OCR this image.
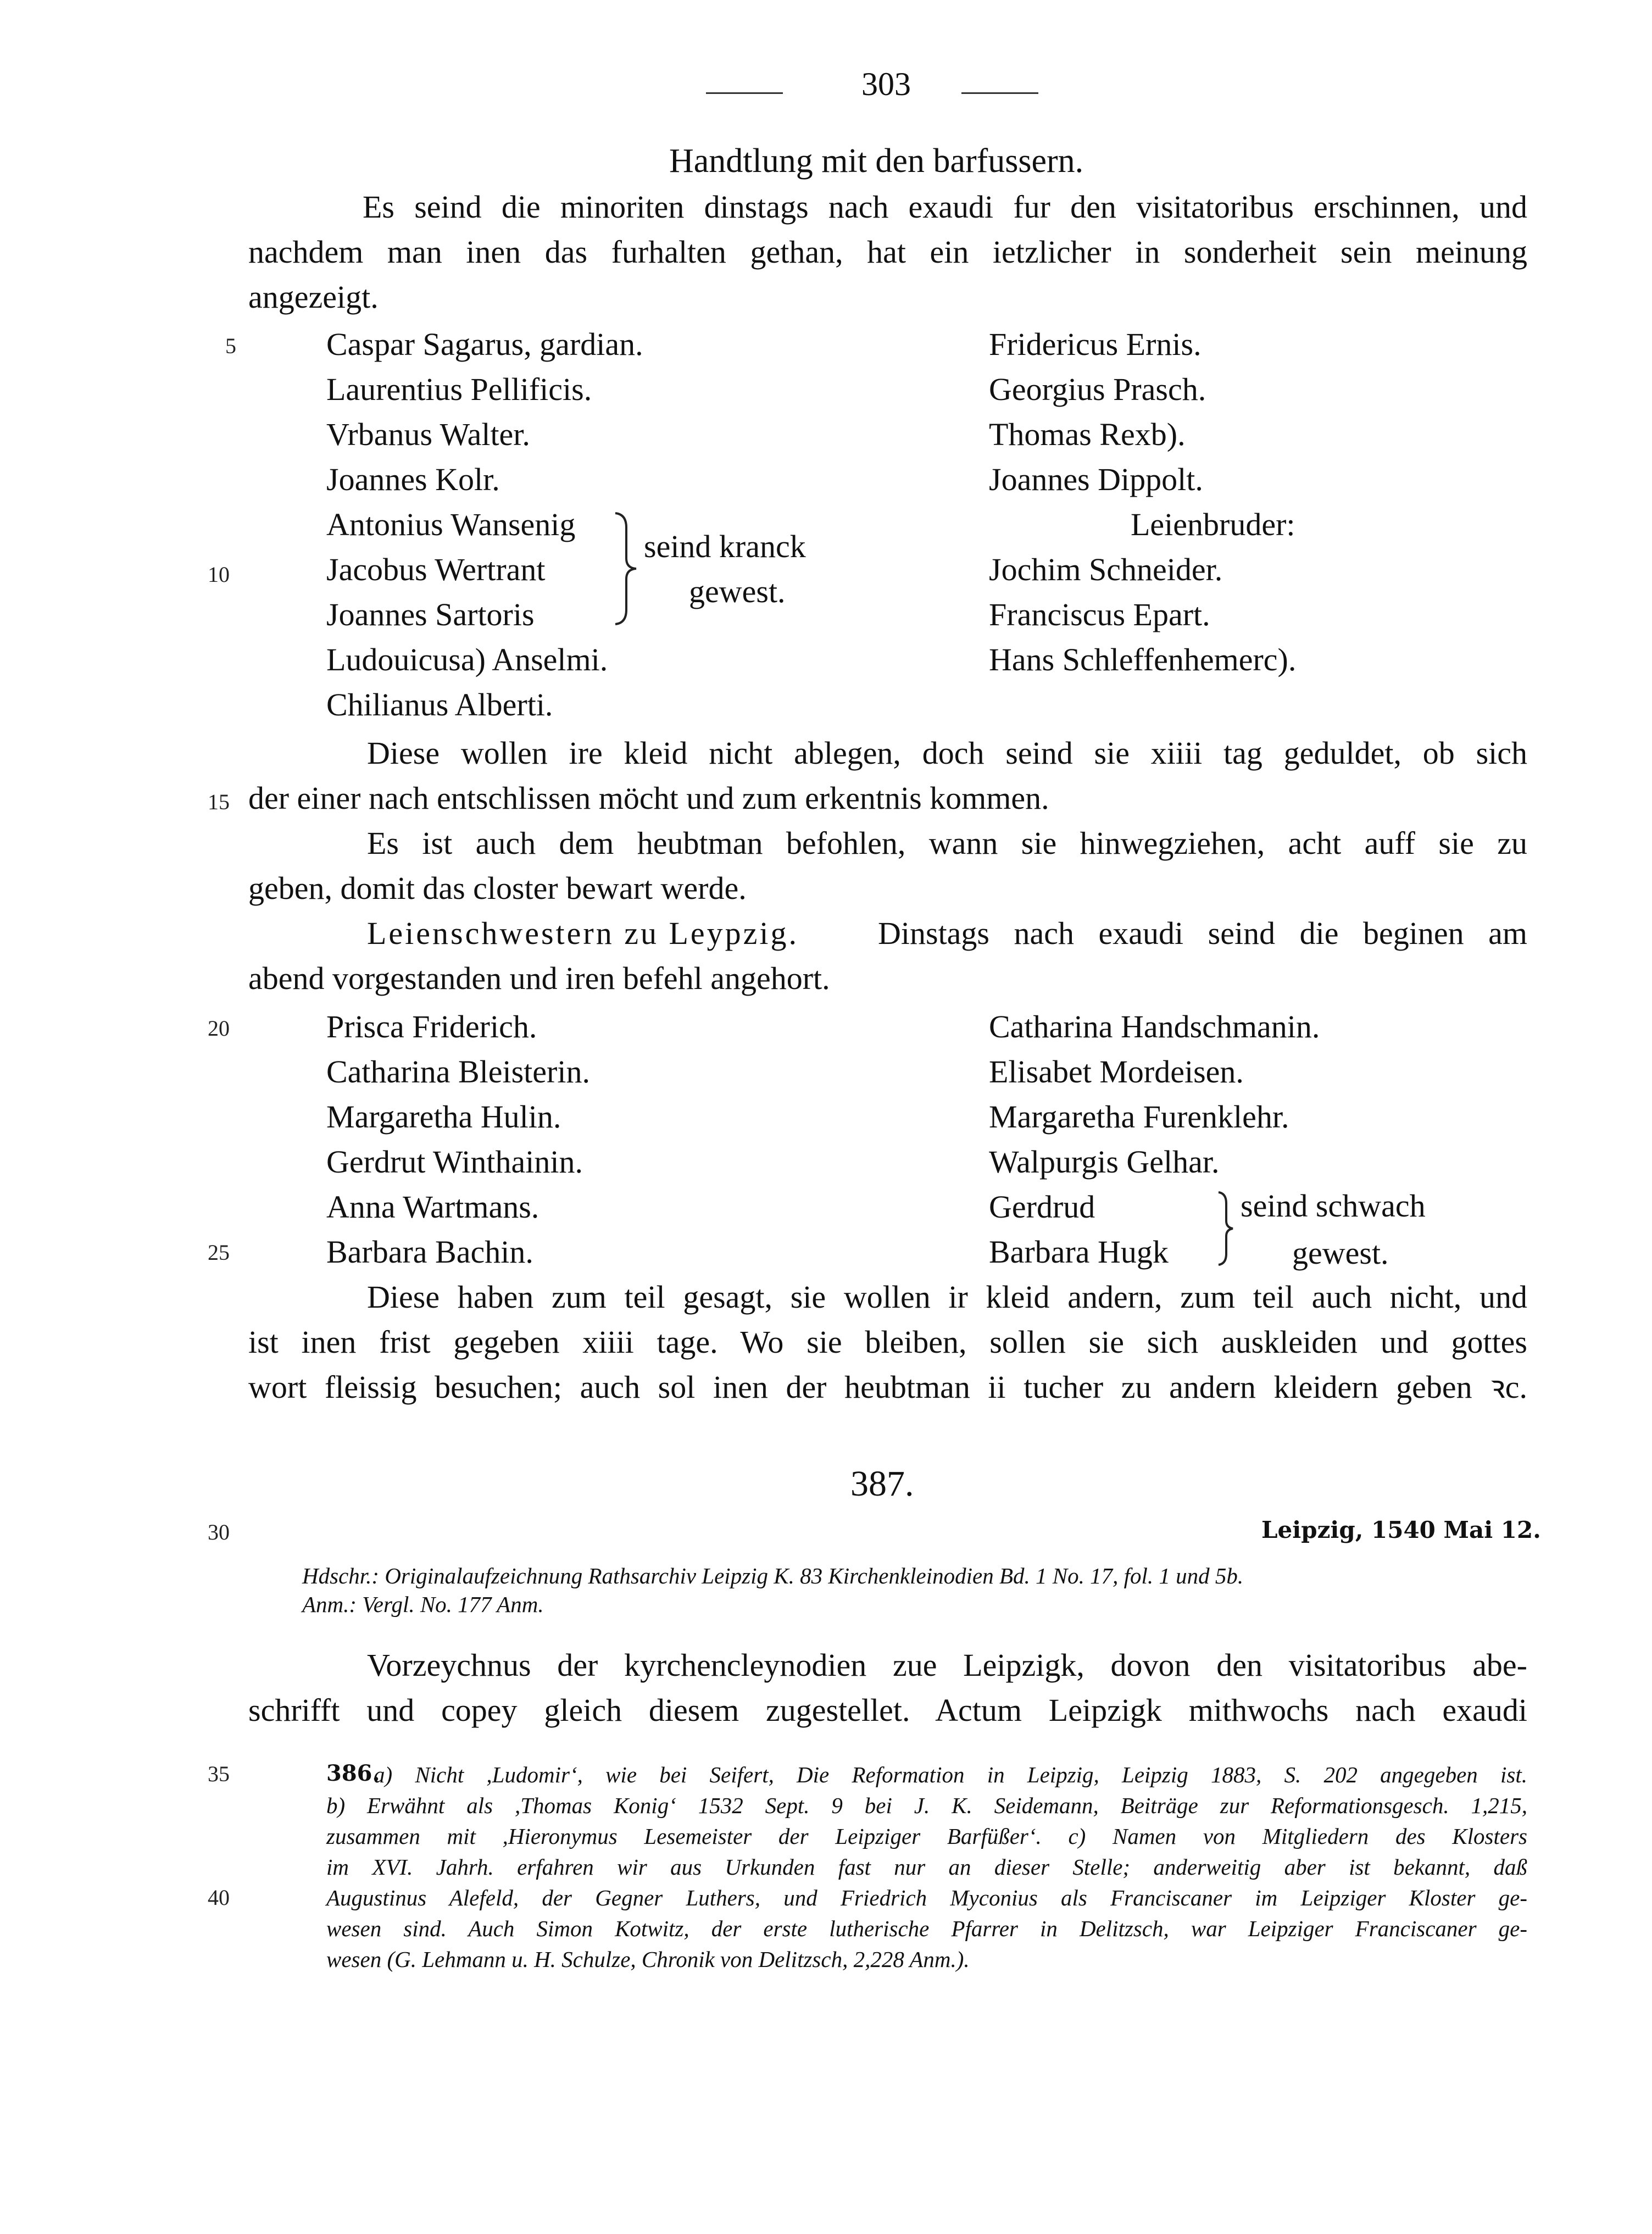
303
Handtlung mit den barfussern.
Es seind die minoriten dinstags nach exaudi fur den visitatoribus erschinnen, und
nachdem man inen das furhalten gethan, hat ein ietzlicher in sonderheit sein meinung
angezeigt.
5
10
15
20
25
30
35
40
Caspar Sagarus, gardian.
Laurentius Pellificis.
Vrbanus Walter.
Joannes Kolr.
Antonius Wansenig
Jacobus Wertrant
Joannes Sartoris
Ludouicusa) Anselmi.
Chilianus Alberti.
seind kranck
gewest.
Fridericus Ernis.
Georgius Prasch.
Thomas Rexb).
Joannes Dippolt.
Leienbruder:
Jochim Schneider.
Franciscus Epart.
Hans Schleffenhemerc).
Diese wollen ire kleid nicht ablegen, doch seind sie xiiii tag geduldet, ob sich
der einer nach entschlissen möcht und zum erkentnis kommen.
Es ist auch dem heubtman befohlen, wann sie hinwegziehen, acht auff sie zu
geben, domit das closter bewart werde.
Leienschwestern zu Leypzig. Dinstags nach exaudi seind die beginen am
abend vorgestanden und iren befehl angehort.
Prisca Friderich.
Catharina Bleisterin.
Margaretha Hulin.
Gerdrut Winthainin.
Anna Wartmans.
Barbara Bachin.
Catharina Handschmanin.
Elisabet Mordeisen.
Margaretha Furenklehr.
Walpurgis Gelhar.
Gerdrud
Barbara Hugk
seind schwach
gewest.
Diese haben zum teil gesagt, sie wollen ir kleid andern, zum teil auch nicht, und
ist inen frist gegeben xiiii tage. Wo sie bleiben, sollen sie sich auskleiden und gottes
wort fleissig besuchen; auch sol inen der heubtman ii tucher zu andern kleidern geben ꝛc.
387.
Leipzig, 1540 Mai 12.
Hdschr.: Originalaufzeichnung Rathsarchiv Leipzig K. 83 Kirchenkleinodien Bd. 1 No. 17, fol. 1 und 5b.
Anm.: Vergl. No. 177 Anm.
Vorzeychnus der kyrchencleynodien zue Leipzigk, dovon den visitatoribus abe-
schrifft und copey gleich diesem zugestellet. Actum Leipzigk mithwochs nach exaudi
386.
a) Nicht ,Ludomir‘, wie bei Seifert, Die Reformation in Leipzig, Leipzig 1883, S. 202 angegeben ist.
b) Erwähnt als ,Thomas Konig‘ 1532 Sept. 9 bei J. K. Seidemann, Beiträge zur Reformationsgesch. 1,215,
zusammen mit ,Hieronymus Lesemeister der Leipziger Barfüßer‘. c) Namen von Mitgliedern des Klosters
im XVI. Jahrh. erfahren wir aus Urkunden fast nur an dieser Stelle; anderweitig aber ist bekannt, daß
Augustinus Alefeld, der Gegner Luthers, und Friedrich Myconius als Franciscaner im Leipziger Kloster ge-
wesen sind. Auch Simon Kotwitz, der erste lutherische Pfarrer in Delitzsch, war Leipziger Franciscaner ge-
wesen (G. Lehmann u. H. Schulze, Chronik von Delitzsch, 2,228 Anm.).
